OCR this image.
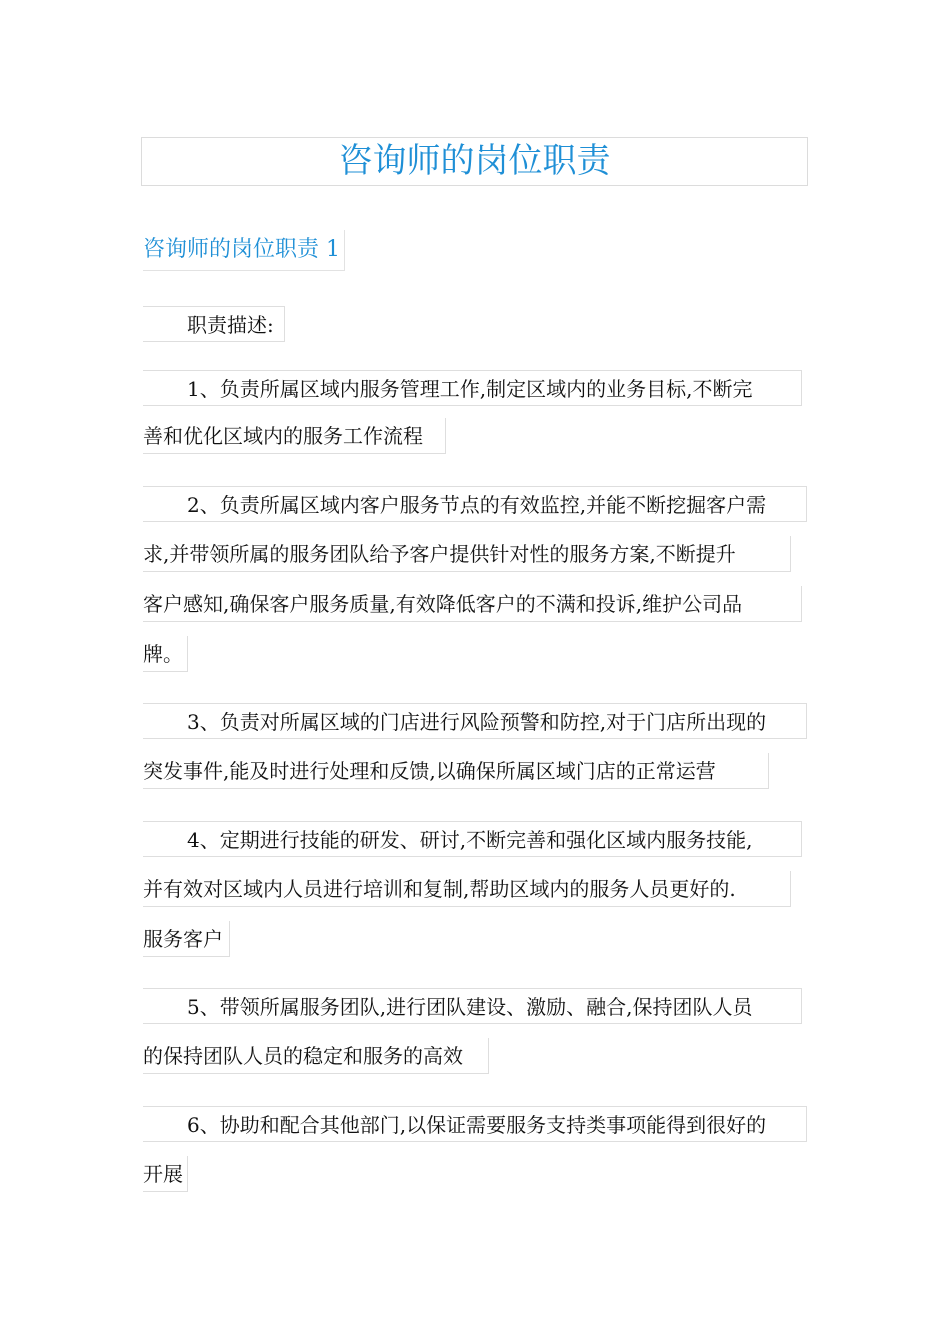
咨询师的岗位职责
咨询师的岗位职责 1
职责描述:
1、负责所属区域内服务管理工作,制定区域内的业务目标,不断完
善和优化区域内的服务工作流程
2、负责所属区域内客户服务节点的有效监控,并能不断挖掘客户需
求,并带领所属的服务团队给予客户提供针对性的服务方案,不断提升
客户感知,确保客户服务质量,有效降低客户的不满和投诉,维护公司品
牌。
3、负责对所属区域的门店进行风险预警和防控,对于门店所出现的
突发事件,能及时进行处理和反馈,以确保所属区域门店的正常运营
4、定期进行技能的研发、研讨,不断完善和强化区域内服务技能,
并有效对区域内人员进行培训和复制,帮助区域内的服务人员更好的.
服务客户
5、带领所属服务团队,进行团队建设、激励、融合,保持团队人员
的保持团队人员的稳定和服务的高效
6、协助和配合其他部门,以保证需要服务支持类事项能得到很好的
开展
